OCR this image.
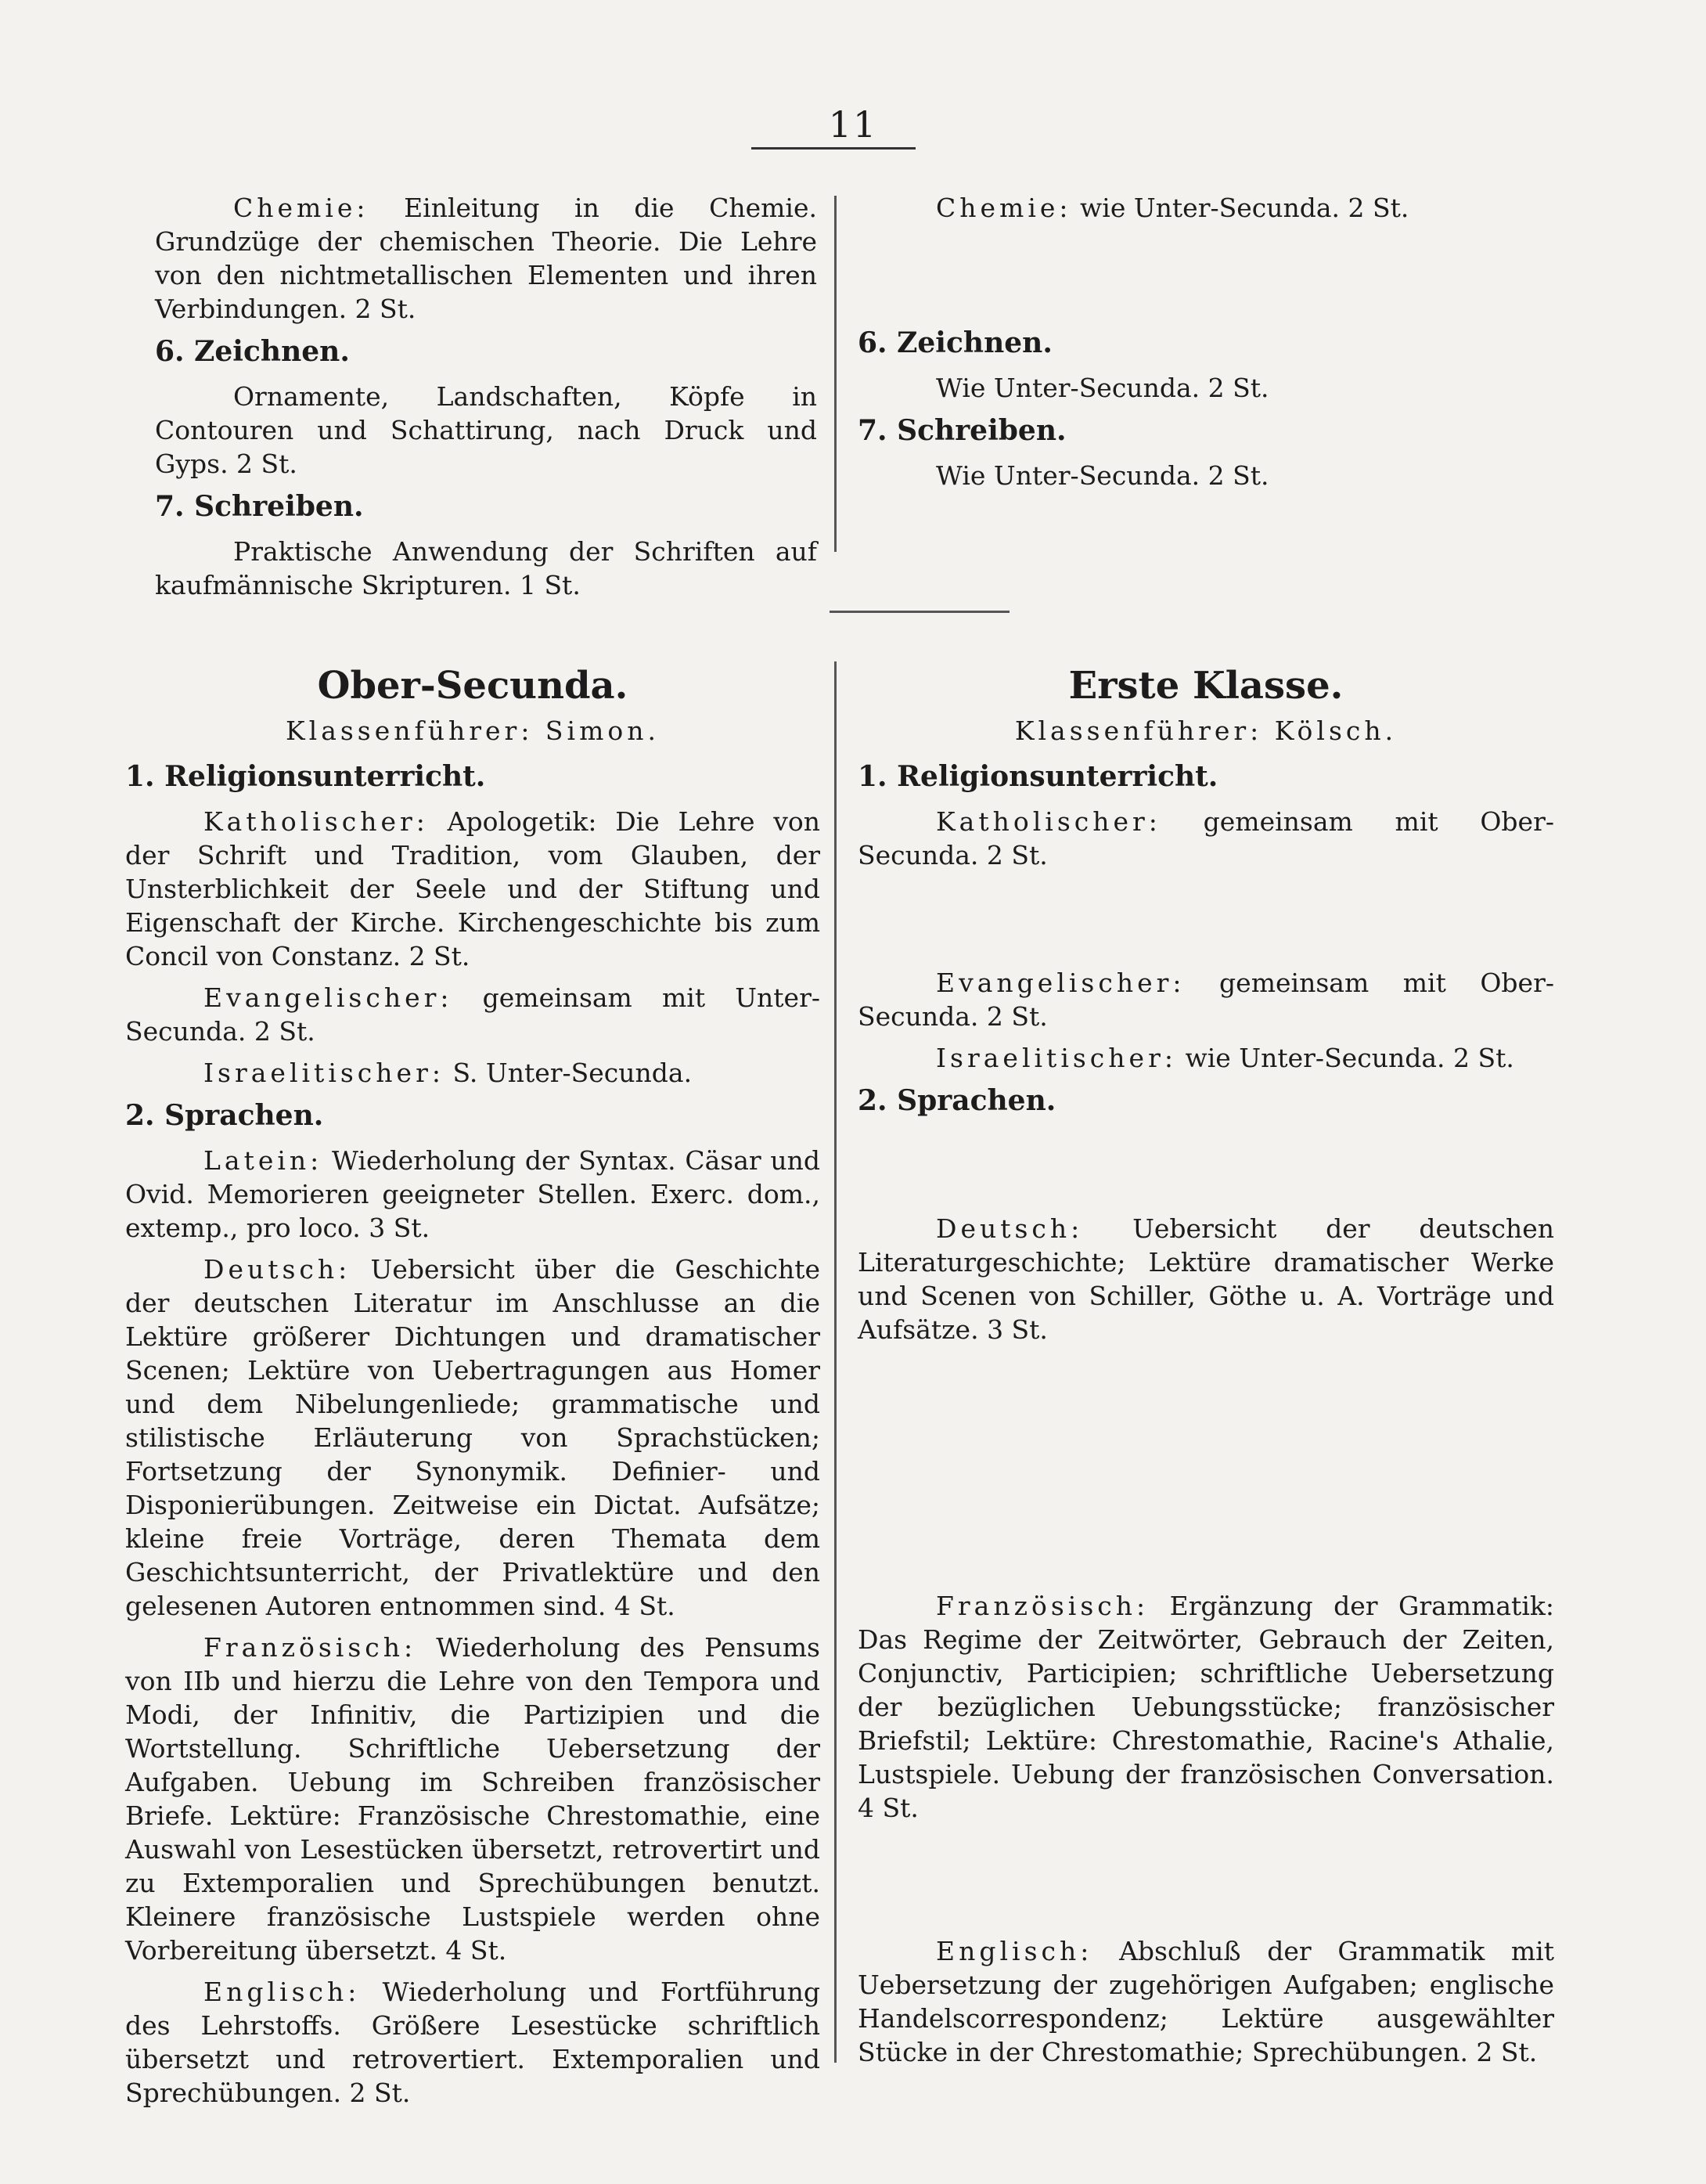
11

Chemie: Einleitung in die Chemie. Grundzüge der chemischen Theorie. Die Lehre von den nichtmetallischen Elementen und ihren Verbindungen. 2 St.

6. Zeichnen.

Ornamente, Landschaften, Köpfe in Contouren und Schattirung, nach Druck und Gyps. 2 St.

7. Schreiben.

Praktische Anwendung der Schriften auf kaufmännische Skripturen. 1 St.

Chemie: wie Unter-Secunda. 2 St.

6. Zeichnen.

Wie Unter-Secunda. 2 St.

7. Schreiben.

Wie Unter-Secunda. 2 St.

Ober-Secunda.

Klassenführer: Simon.

1. Religionsunterricht.

Katholischer: Apologetik: Die Lehre von der Schrift und Tradition, vom Glauben, der Unsterblichkeit der Seele und der Stiftung und Eigenschaft der Kirche. Kirchengeschichte bis zum Concil von Constanz. 2 St.

Evangelischer: gemeinsam mit Unter-Secunda. 2 St.

Israelitischer: S. Unter-Secunda.

2. Sprachen.

Latein: Wiederholung der Syntax. Cäsar und Ovid. Memorieren geeigneter Stellen. Exerc. dom., extemp., pro loco. 3 St.

Deutsch: Uebersicht über die Geschichte der deutschen Literatur im Anschlusse an die Lektüre größerer Dichtungen und dramatischer Scenen; Lektüre von Uebertragungen aus Homer und dem Nibelungenliede; grammatische und stilistische Erläuterung von Sprachstücken; Fortsetzung der Synonymik. Definier- und Disponierübungen. Zeitweise ein Dictat. Aufsätze; kleine freie Vorträge, deren Themata dem Geschichtsunterricht, der Privatlektüre und den gelesenen Autoren entnommen sind. 4 St.

Französisch: Wiederholung des Pensums von IIb und hierzu die Lehre von den Tempora und Modi, der Infinitiv, die Partizipien und die Wortstellung. Schriftliche Uebersetzung der Aufgaben. Uebung im Schreiben französischer Briefe. Lektüre: Französische Chrestomathie, eine Auswahl von Lesestücken übersetzt, retrovertirt und zu Extemporalien und Sprechübungen benutzt. Kleinere französische Lustspiele werden ohne Vorbereitung übersetzt. 4 St.

Englisch: Wiederholung und Fortführung des Lehrstoffs. Größere Lesestücke schriftlich übersetzt und retrovertiert. Extemporalien und Sprechübungen. 2 St.

Erste Klasse.

Klassenführer: Kölsch.

1. Religionsunterricht.

Katholischer: gemeinsam mit Ober-Secunda. 2 St.

Evangelischer: gemeinsam mit Ober-Secunda. 2 St.

Israelitischer: wie Unter-Secunda. 2 St.

2. Sprachen.

Deutsch: Uebersicht der deutschen Literaturgeschichte; Lektüre dramatischer Werke und Scenen von Schiller, Göthe u. A. Vorträge und Aufsätze. 3 St.

Französisch: Ergänzung der Grammatik: Das Regime der Zeitwörter, Gebrauch der Zeiten, Conjunctiv, Participien; schriftliche Uebersetzung der bezüglichen Uebungsstücke; französischer Briefstil; Lektüre: Chrestomathie, Racine's Athalie, Lustspiele. Uebung der französischen Conversation. 4 St.

Englisch: Abschluß der Grammatik mit Uebersetzung der zugehörigen Aufgaben; englische Handelscorrespondenz; Lektüre ausgewählter Stücke in der Chrestomathie; Sprechübungen. 2 St.
